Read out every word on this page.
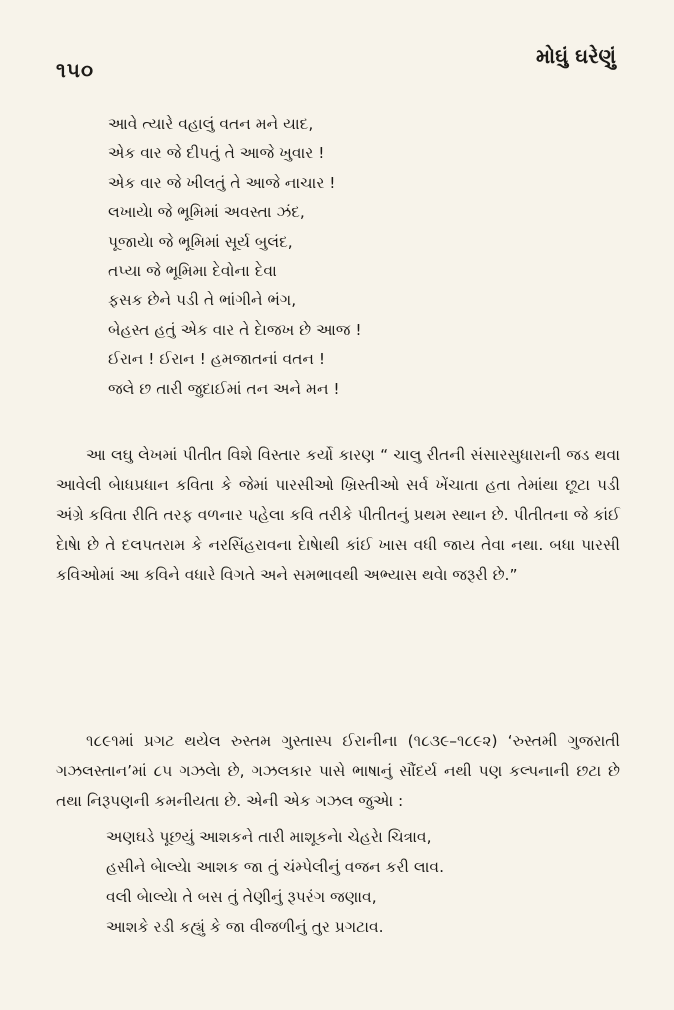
૧૫૦
મોઘું ઘરેણું
આવે ત્યારે વહાલું વતન મને યાદ,
એક વાર જે દીપતું તે આજે ખુવાર !
એક વાર જે ખીલતું તે આજે નાચાર !
લખાયેા જે ભૂમિમાં અવસ્તા ઝંદ,
પૂજાયેા જે ભૂમિમાં સૂર્ય બુલંદ,
તપ્યા જે ભૂમિમા દેવોના દેવા
ફસક છેને પડી તે ભાંગીને ભંગ,
બેહસ્ત હતું એક વાર તે દેાજખ છે આજ !
ઈરાન ! ઈરાન ! હમજાતનાં વતન !
જલે છ તારી જુદાઈમાં તન અને મન !

આ લઘુ લેખમાં પીતીત વિશે વિસ્તાર કર્યો કારણ “ ચાલુ રીતની સંસારસુધારાની જડ થવા આવેલી બેાધપ્રધાન કવિતા કે જેમાં પારસીઓ ખ્રિસ્તીઓ સર્વ ખેંચાતા હતા તેમાંથા છૂટા પડી અંગ્રે કવિતા રીતિ તરફ વળનાર પહેલા કવિ તરીકે પીતીતનું પ્રથમ સ્થાન છે. પીતીતના જે કાંઈ દેાષેા છે તે દલપતરામ કે નરસિંહરાવના દેાષેાથી કાંઈ ખાસ વધી જાય તેવા નથા. બધા પારસી કવિઓમાં આ કવિને વધારે વિગતે અને સમભાવથી અભ્યાસ થવેા જરૂરી છે.”

૧૮૯૧માં પ્રગટ થયેલ રુસ્તમ ગુસ્તાસ્પ ઈરાનીના (૧૮૩૯–૧૮૯૨) ‘રુસ્તમી ગુજરાતી ગઝલસ્તાન’માં ૮૫ ગઝલેા છે, ગઝલકાર પાસે ભાષાનું સૌંદર્ય નથી પણ કલ્પનાની છટા છે તથા નિરૂપણની કમનીયતા છે. એની એક ગઝલ જુએા :

અણઘડે પૂછયું આશકને તારી માશૂકનેા ચેહરેા ચિત્રાવ,
હસીને બેાલ્યેા આશક જા તું ચંમ્પેલીનું વજન કરી લાવ.
વલી બેાલ્યેા તે બસ તું તેણીનું રૂપરંગ જણાવ,
આશકે રડી કહ્યું કે જા વીજળીનું તુર પ્રગટાવ.
